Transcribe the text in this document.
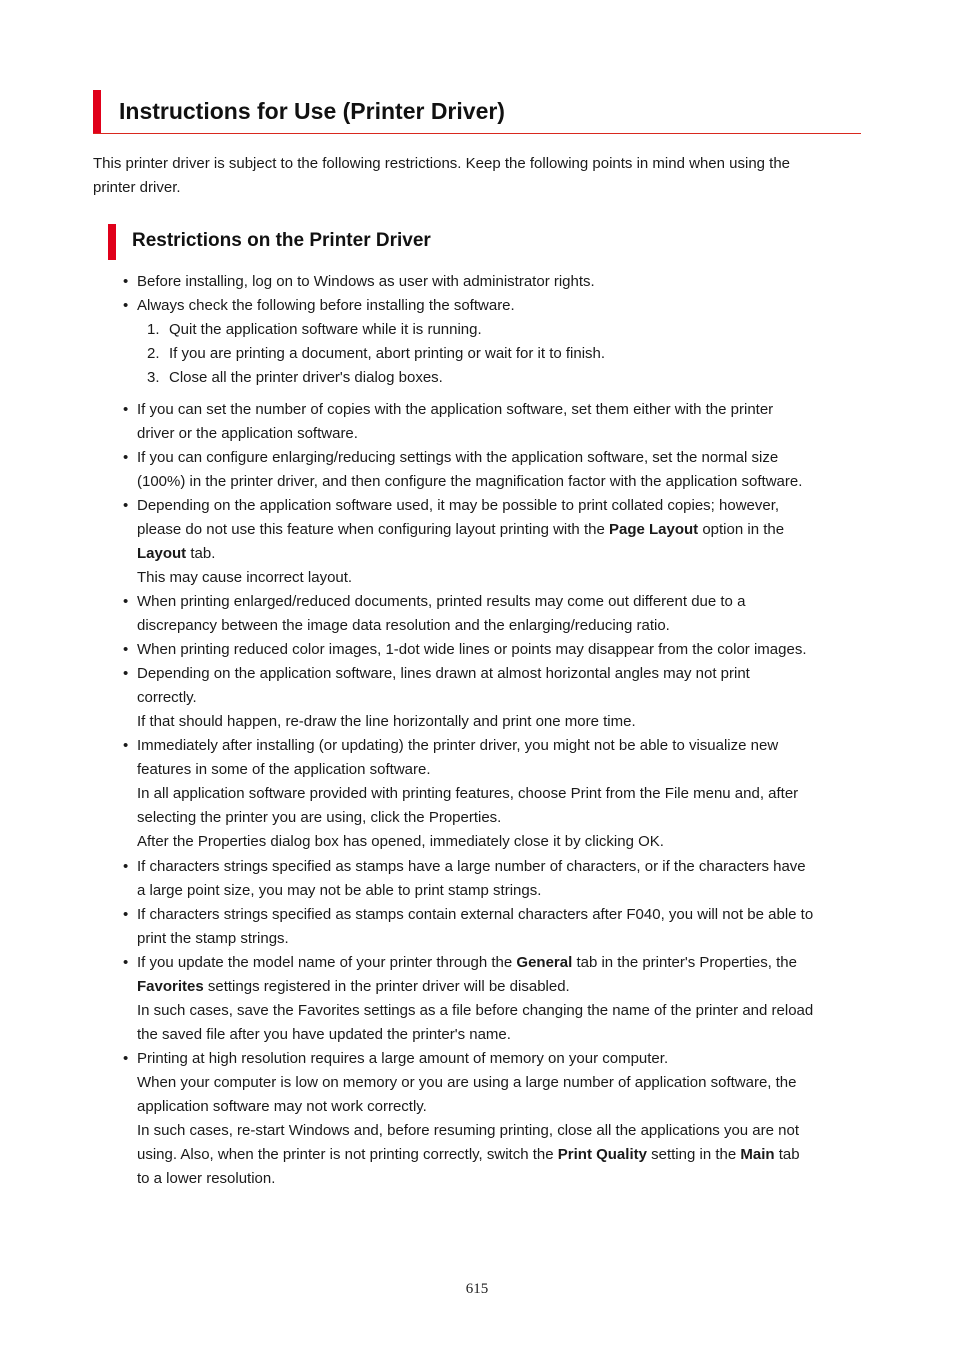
Instructions for Use (Printer Driver)
This printer driver is subject to the following restrictions. Keep the following points in mind when using the
printer driver.
Restrictions on the Printer Driver
• Before installing, log on to Windows as user with administrator rights.
• Always check the following before installing the software.
1. Quit the application software while it is running.
2. If you are printing a document, abort printing or wait for it to finish.
3. Close all the printer driver's dialog boxes.
• If you can set the number of copies with the application software, set them either with the printer
driver or the application software.
• If you can configure enlarging/reducing settings with the application software, set the normal size
(100%) in the printer driver, and then configure the magnification factor with the application software.
• Depending on the application software used, it may be possible to print collated copies; however,
please do not use this feature when configuring layout printing with the Page Layout option in the
Layout tab.
This may cause incorrect layout.
• When printing enlarged/reduced documents, printed results may come out different due to a
discrepancy between the image data resolution and the enlarging/reducing ratio.
• When printing reduced color images, 1-dot wide lines or points may disappear from the color images.
• Depending on the application software, lines drawn at almost horizontal angles may not print
correctly.
If that should happen, re-draw the line horizontally and print one more time.
• Immediately after installing (or updating) the printer driver, you might not be able to visualize new
features in some of the application software.
In all application software provided with printing features, choose Print from the File menu and, after
selecting the printer you are using, click the Properties.
After the Properties dialog box has opened, immediately close it by clicking OK.
• If characters strings specified as stamps have a large number of characters, or if the characters have
a large point size, you may not be able to print stamp strings.
• If characters strings specified as stamps contain external characters after F040, you will not be able to
print the stamp strings.
• If you update the model name of your printer through the General tab in the printer's Properties, the
Favorites settings registered in the printer driver will be disabled.
In such cases, save the Favorites settings as a file before changing the name of the printer and reload
the saved file after you have updated the printer's name.
• Printing at high resolution requires a large amount of memory on your computer.
When your computer is low on memory or you are using a large number of application software, the
application software may not work correctly.
In such cases, re-start Windows and, before resuming printing, close all the applications you are not
using. Also, when the printer is not printing correctly, switch the Print Quality setting in the Main tab
to a lower resolution.
615
